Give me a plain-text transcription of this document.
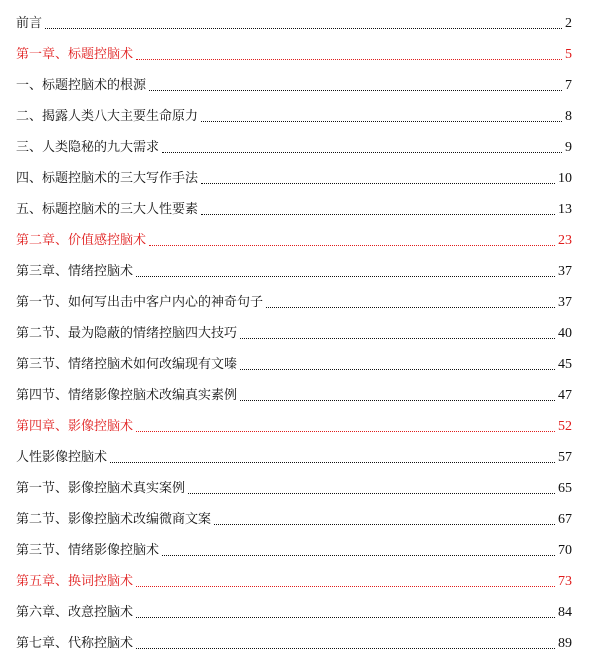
前言	2
第一章、标题控脑术	5
一、标题控脑术的根源	7
二、揭露人类八大主要生命原力	8
三、人类隐秘的九大需求	9
四、标题控脑术的三大写作手法	10
五、标题控脑术的三大人性要素	13
第二章、价值感控脑术	23
第三章、情绪控脑术	37
第一节、如何写出击中客户内心的神奇句子	37
第二节、最为隐蔽的情绪控脑四大技巧	40
第三节、情绪控脑术如何改编现有文嗪	45
第四节、情绪影像控脑术改编真实素例	47
第四章、影像控脑术	52
人性影像控脑术	57
第一节、影像控脑术真实案例	65
第二节、影像控脑术改编微商文案	67
第三节、情绪影像控脑术	70
第五章、换词控脑术	73
第六章、改意控脑术	84
第七章、代称控脑术	89
